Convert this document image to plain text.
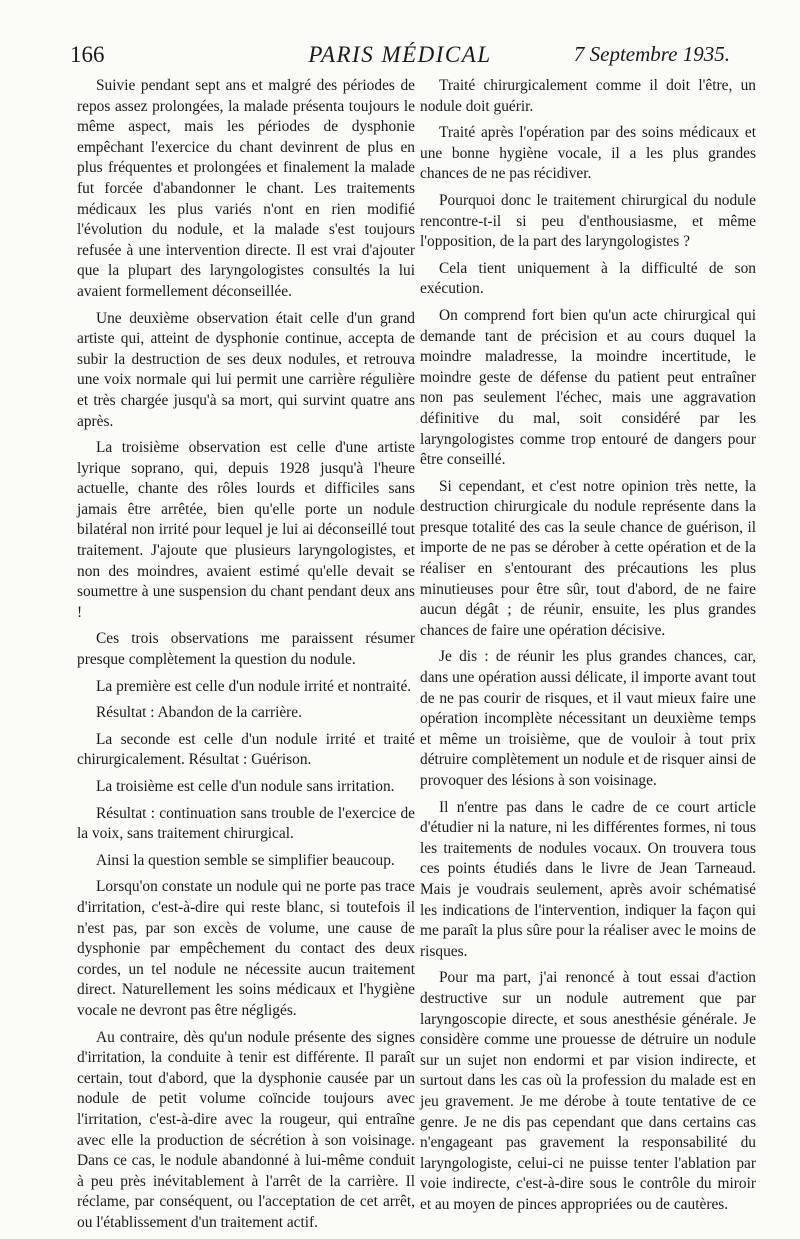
166	PARIS MÉDICAL	7 Septembre 1935.

Suivie pendant sept ans et malgré des périodes de repos assez prolongées, la malade présenta toujours le même aspect, mais les périodes de dysphonie empêchant l'exercice du chant devinrent de plus en plus fréquentes et prolongées et finalement la malade fut forcée d'abandonner le chant. Les traitements médicaux les plus variés n'ont en rien modifié l'évolution du nodule, et la malade s'est toujours refusée à une intervention directe. Il est vrai d'ajouter que la plupart des laryngologistes consultés la lui avaient formellement déconseillée.

Une deuxième observation était celle d'un grand artiste qui, atteint de dysphonie continue, accepta de subir la destruction de ses deux nodules, et retrouva une voix normale qui lui permit une carrière régulière et très chargée jusqu'à sa mort, qui survint quatre ans après.

La troisième observation est celle d'une artiste lyrique soprano, qui, depuis 1928 jusqu'à l'heure actuelle, chante des rôles lourds et difficiles sans jamais être arrêtée, bien qu'elle porte un nodule bilatéral non irrité pour lequel je lui ai déconseillé tout traitement. J'ajoute que plusieurs laryngologistes, et non des moindres, avaient estimé qu'elle devait se soumettre à une suspension du chant pendant deux ans !

Ces trois observations me paraissent résumer presque complètement la question du nodule.

La première est celle d'un nodule irrité et nontraité.

Résultat : Abandon de la carrière.

La seconde est celle d'un nodule irrité et traité chirurgicalement. Résultat : Guérison.

La troisième est celle d'un nodule sans irritation.

Résultat : continuation sans trouble de l'exercice de la voix, sans traitement chirurgical.

Ainsi la question semble se simplifier beaucoup.

Lorsqu'on constate un nodule qui ne porte pas trace d'irritation, c'est-à-dire qui reste blanc, si toutefois il n'est pas, par son excès de volume, une cause de dysphonie par empêchement du contact des deux cordes, un tel nodule ne nécessite aucun traitement direct. Naturellement les soins médicaux et l'hygiène vocale ne devront pas être négligés.

Au contraire, dès qu'un nodule présente des signes d'irritation, la conduite à tenir est différente. Il paraît certain, tout d'abord, que la dysphonie causée par un nodule de petit volume coïncide toujours avec l'irritation, c'est-à-dire avec la rougeur, qui entraîne avec elle la production de sécrétion à son voisinage. Dans ce cas, le nodule abandonné à lui-même conduit à peu près inévitablement à l'arrêt de la carrière. Il réclame, par conséquent, ou l'acceptation de cet arrêt, ou l'établissement d'un traitement actif.

Traité chirurgicalement comme il doit l'être, un nodule doit guérir.

Traité après l'opération par des soins médicaux et une bonne hygiène vocale, il a les plus grandes chances de ne pas récidiver.

Pourquoi donc le traitement chirurgical du nodule rencontre-t-il si peu d'enthousiasme, et même l'opposition, de la part des laryngologistes ?

Cela tient uniquement à la difficulté de son exécution.

On comprend fort bien qu'un acte chirurgical qui demande tant de précision et au cours duquel la moindre maladresse, la moindre incertitude, le moindre geste de défense du patient peut entraîner non pas seulement l'échec, mais une aggravation définitive du mal, soit considéré par les laryngologistes comme trop entouré de dangers pour être conseillé.

Si cependant, et c'est notre opinion très nette, la destruction chirurgicale du nodule représente dans la presque totalité des cas la seule chance de guérison, il importe de ne pas se dérober à cette opération et de la réaliser en s'entourant des précautions les plus minutieuses pour être sûr, tout d'abord, de ne faire aucun dégât ; de réunir, ensuite, les plus grandes chances de faire une opération décisive.

Je dis : de réunir les plus grandes chances, car, dans une opération aussi délicate, il importe avant tout de ne pas courir de risques, et il vaut mieux faire une opération incomplète nécessitant un deuxième temps et même un troisième, que de vouloir à tout prix détruire complètement un nodule et de risquer ainsi de provoquer des lésions à son voisinage.

Il n'entre pas dans le cadre de ce court article d'étudier ni la nature, ni les différentes formes, ni tous les traitements de nodules vocaux. On trouvera tous ces points étudiés dans le livre de Jean Tarneaud. Mais je voudrais seulement, après avoir schématisé les indications de l'intervention, indiquer la façon qui me paraît la plus sûre pour la réaliser avec le moins de risques.

Pour ma part, j'ai renoncé à tout essai d'action destructive sur un nodule autrement que par laryngoscopie directe, et sous anesthésie générale. Je considère comme une prouesse de détruire un nodule sur un sujet non endormi et par vision indirecte, et surtout dans les cas où la profession du malade est en jeu gravement. Je me dérobe à toute tentative de ce genre. Je ne dis pas cependant que dans certains cas n'engageant pas gravement la responsabilité du laryngologiste, celui-ci ne puisse tenter l'ablation par voie indirecte, c'est-à-dire sous le contrôle du miroir et au moyen de pinces appropriées ou de cautères.
